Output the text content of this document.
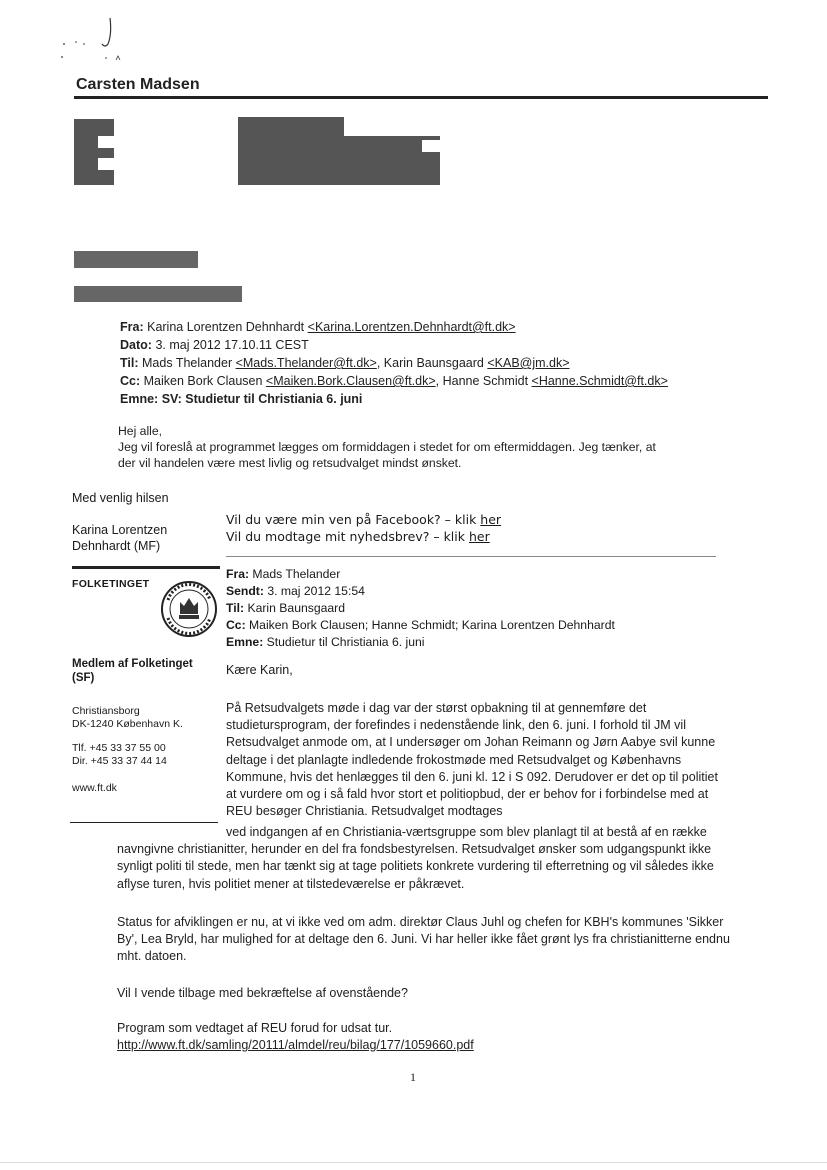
Carsten Madsen
Fra: Karina Lorentzen Dehnhardt <Karina.Lorentzen.Dehnhardt@ft.dk>
Dato: 3. maj 2012 17.10.11 CEST
Til: Mads Thelander <Mads.Thelander@ft.dk>, Karin Baunsgaard <KAB@jm.dk>
Cc: Maiken Bork Clausen <Maiken.Bork.Clausen@ft.dk>, Hanne Schmidt <Hanne.Schmidt@ft.dk>
Emne: SV: Studietur til Christiania 6. juni
Hej alle,
Jeg vil foreslå at programmet lægges om formiddagen i stedet for om eftermiddagen. Jeg tænker, at
der vil handelen være mest livlig og retsudvalget mindst ønsket.
Med venlig hilsen
Karina Lorentzen
Dehnhardt (MF)
Vil du være min ven på Facebook? – klik her
Vil du modtage mit nyhedsbrev? – klik her
FOLKETINGET
Fra: Mads Thelander
Sendt: 3. maj 2012 15:54
Til: Karin Baunsgaard
Cc: Maiken Bork Clausen; Hanne Schmidt; Karina Lorentzen Dehnhardt
Emne: Studietur til Christiania 6. juni
Medlem af Folketinget
(SF)
Christiansborg
DK-1240 København K.
Tlf. +45 33 37 55 00
Dir. +45 33 37 44 14
www.ft.dk
Kære Karin,
På Retsudvalgets møde i dag var der størst opbakning til at gennemføre det studietursprogram, der forefindes i nedenstående link, den 6. juni. I forhold til JM vil Retsudvalget anmode om, at I undersøger om Johan Reimann og Jørn Aabye svil kunne deltage i det planlagte indledende frokostmøde med Retsudvalget og Københavns Kommune, hvis det henlægges til den 6. juni kl. 12 i S 092. Derudover er det op til politiet at vurdere om og i så fald hvor stort et politiopbud, der er behov for i forbindelse med at REU besøger Christiania. Retsudvalget modtages
ved indgangen af en Christiania-værtsgruppe som blev planlagt til at bestå af en række navngivne christianitter, herunder en del fra fondsbestyrelsen. Retsudvalget ønsker som udgangspunkt ikke synligt politi til stede, men har tænkt sig at tage politiets konkrete vurdering til efterretning og vil således ikke aflyse turen, hvis politiet mener at tilstedeværelse er påkrævet.
Status for afviklingen er nu, at vi ikke ved om adm. direktør Claus Juhl og chefen for KBH's kommunes 'Sikker By', Lea Bryld, har mulighed for at deltage den 6. Juni. Vi har heller ikke fået grønt lys fra christianitterne endnu mht. datoen.
Vil I vende tilbage med bekræftelse af ovenstående?
Program som vedtaget af REU forud for udsat tur.
http://www.ft.dk/samling/20111/almdel/reu/bilag/177/1059660.pdf
1
